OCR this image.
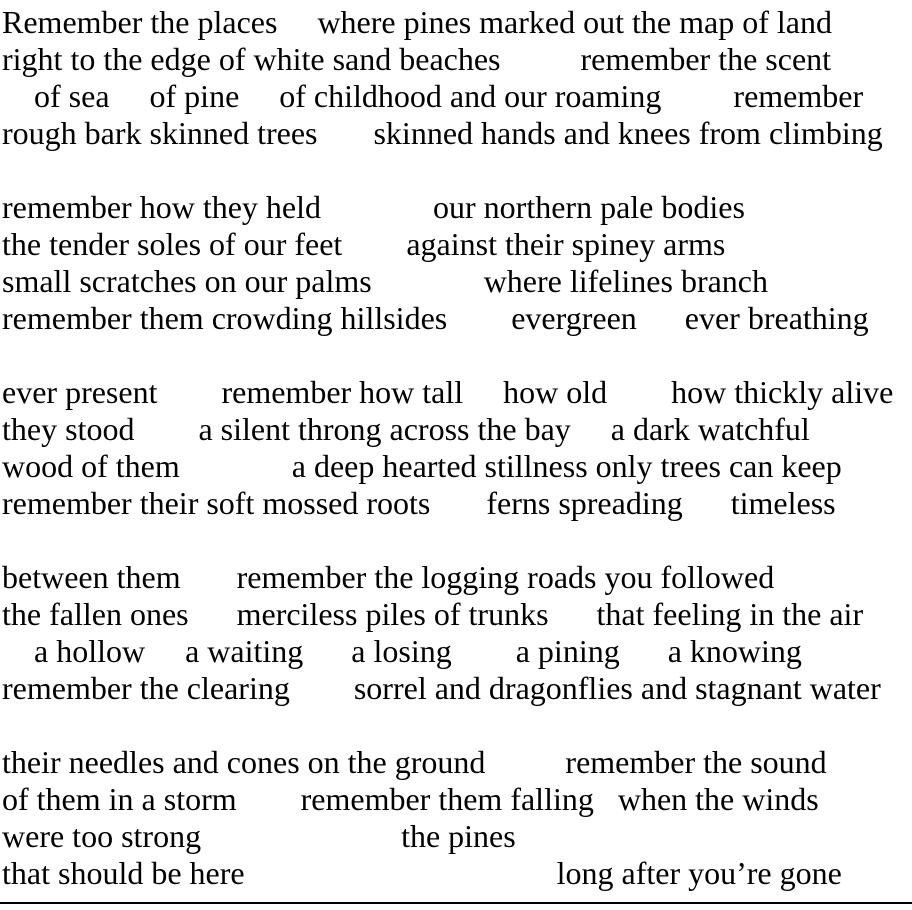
Remember the places     where pines marked out the map of land
right to the edge of white sand beaches          remember the scent
of sea     of pine     of childhood and our roaming         remember
rough bark skinned trees       skinned hands and knees from climbing
remember how they held              our northern pale bodies
the tender soles of our feet        against their spiney arms
small scratches on our palms              where lifelines branch
remember them crowding hillsides        evergreen      ever breathing
ever present        remember how tall     how old        how thickly alive
they stood        a silent throng across the bay     a dark watchful
wood of them              a deep hearted stillness only trees can keep
remember their soft mossed roots       ferns spreading      timeless
between them       remember the logging roads you followed
the fallen ones      merciless piles of trunks      that feeling in the air
a hollow     a waiting      a losing        a pining      a knowing
remember the clearing        sorrel and dragonflies and stagnant water
their needles and cones on the ground          remember the sound
of them in a storm        remember them falling   when the winds
were too strong                         the pines
that should be here                                       long after you’re gone
